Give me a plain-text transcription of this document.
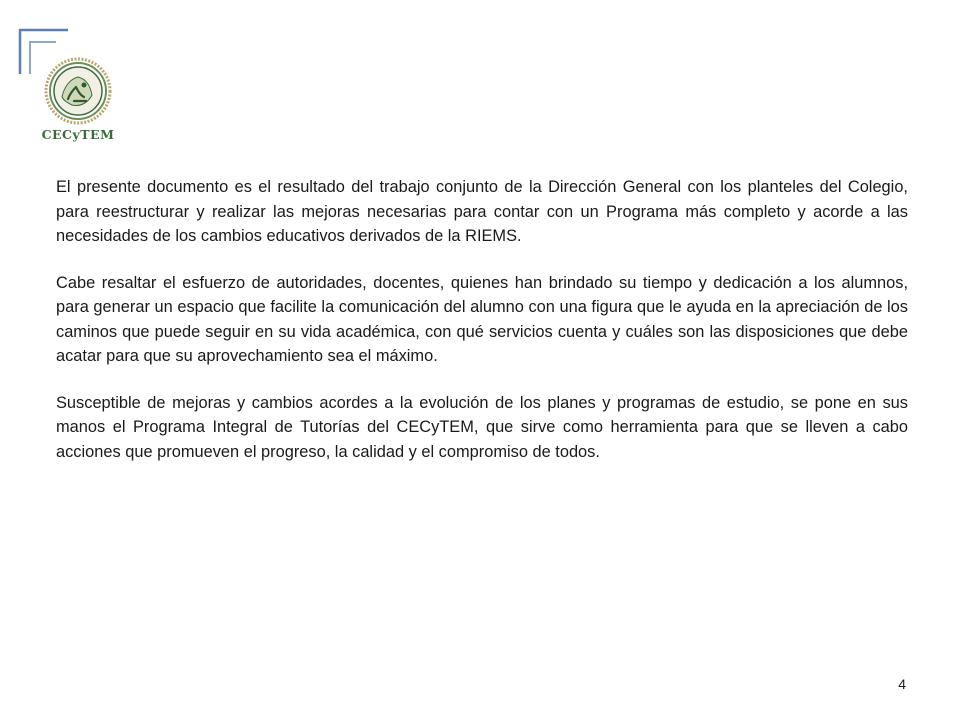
CECyTEM

El presente documento es el resultado del trabajo conjunto de la Dirección General con los planteles del Colegio, para reestructurar y realizar las mejoras necesarias para contar con un Programa más completo y acorde a las necesidades de los cambios educativos derivados de la RIEMS.

Cabe resaltar el esfuerzo de autoridades, docentes, quienes han brindado su tiempo y dedicación a los alumnos, para generar un espacio que facilite la comunicación del alumno con una figura que le ayuda en la apreciación de los caminos que puede seguir en su vida académica, con qué servicios cuenta y cuáles son las disposiciones que debe acatar para que su aprovechamiento sea el máximo.

Susceptible de mejoras y cambios acordes a la evolución de los planes y programas de estudio, se pone en sus manos el Programa Integral de Tutorías del CECyTEM, que sirve como herramienta para que se lleven a cabo acciones que promueven el progreso, la calidad y el compromiso de todos.

4
